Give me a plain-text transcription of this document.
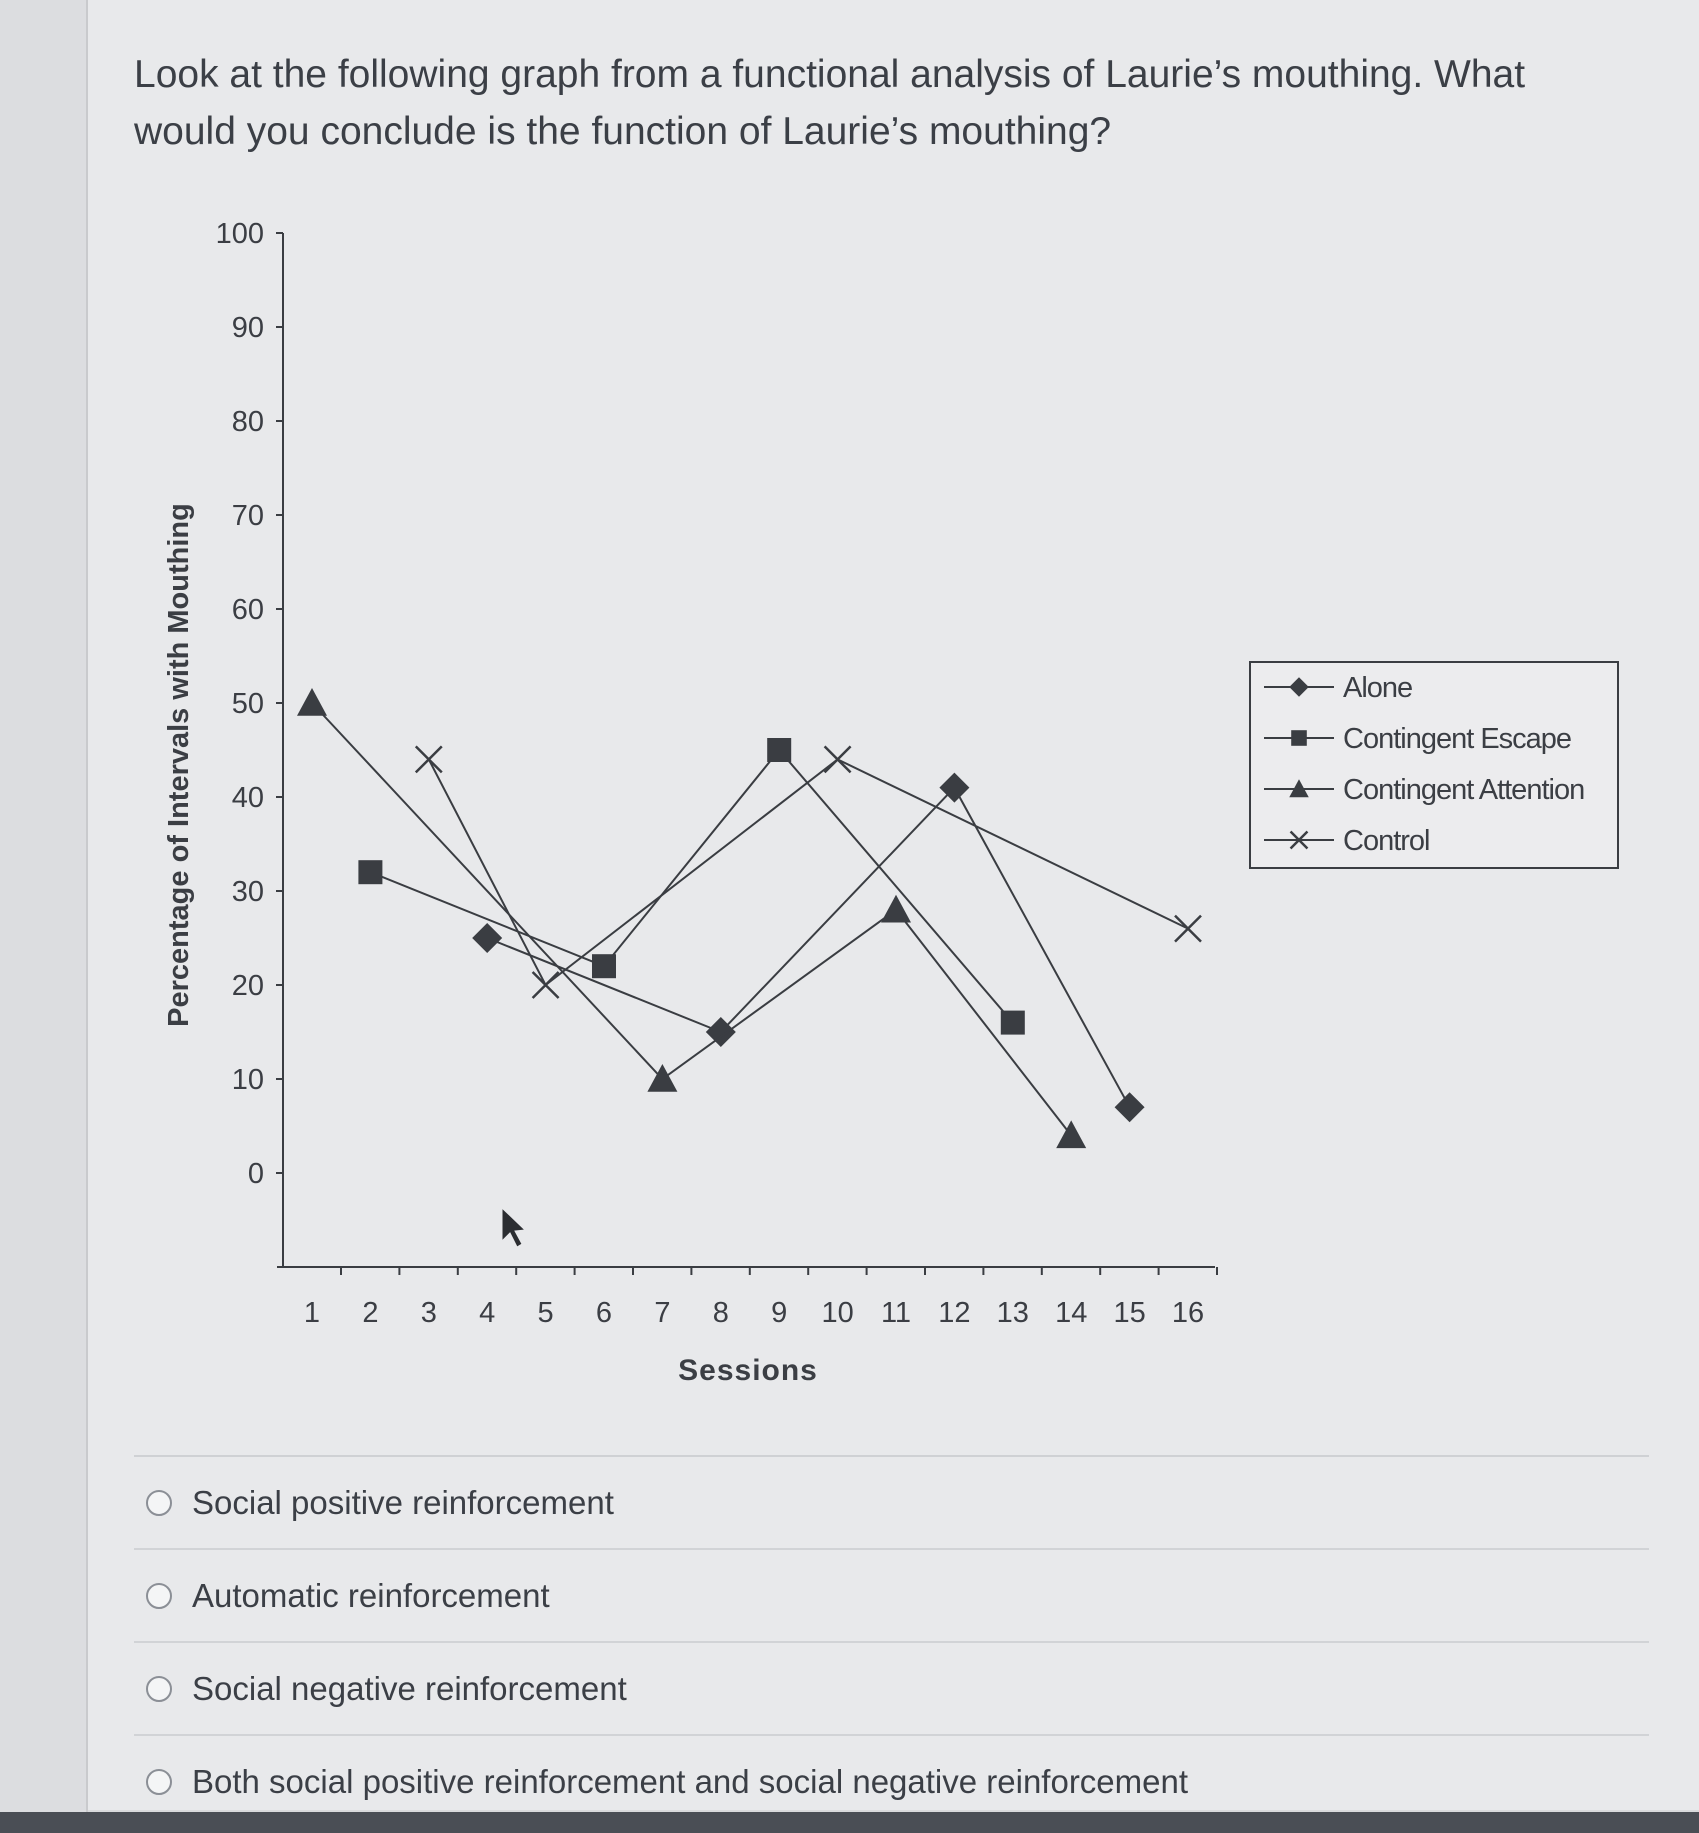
Look at the following graph from a functional analysis of Laurie’s mouthing. What would you conclude is the function of Laurie’s mouthing?
0
10
20
30
40
50
60
70
80
90
100
1 2 3 4 5 6 7 8 9 10 11 12 13 14 15 16
Sessions
Percentage of Intervals with Mouthing	Alone
Contingent Escape
Contingent Attention
Control
Social positive reinforcement
Automatic reinforcement
Social negative reinforcement
Both social positive reinforcement and social negative reinforcement
